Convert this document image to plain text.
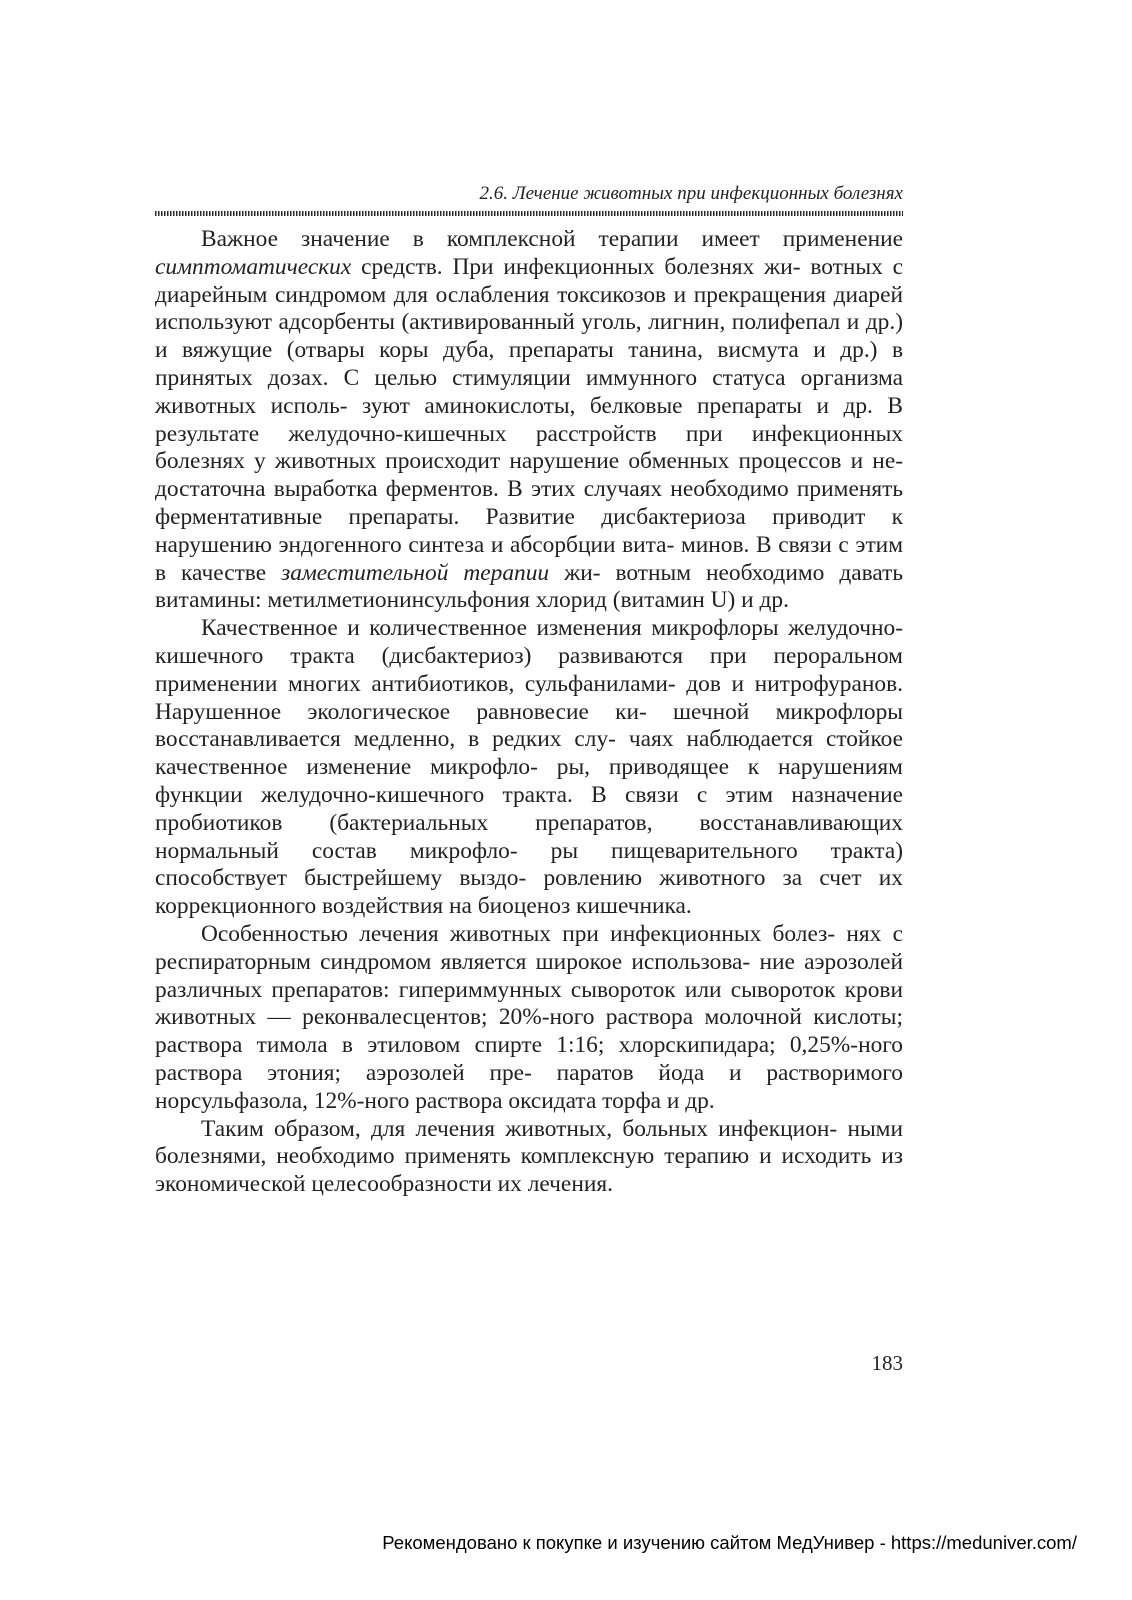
2.6. Лечение животных при инфекционных болезнях

Важное значение в комплексной терапии имеет применение симптоматических средств. При инфекционных болезнях жи- вотных с диарейным синдромом для ослабления токсикозов и прекращения диарей используют адсорбенты (активированный уголь, лигнин, полифепал и др.) и вяжущие (отвары коры дуба, препараты танина, висмута и др.) в принятых дозах. С целью стимуляции иммунного статуса организма животных исполь- зуют аминокислоты, белковые препараты и др. В результате желудочно-кишечных расстройств при инфекционных болезнях у животных происходит нарушение обменных процессов и не- достаточна выработка ферментов. В этих случаях необходимо применять ферментативные препараты. Развитие дисбактериоза приводит к нарушению эндогенного синтеза и абсорбции вита- минов. В связи с этим в качестве заместительной терапии жи- вотным необходимо давать витамины: метилметионинсульфония хлорид (витамин U) и др.

Качественное и количественное изменения микрофлоры желудочно-кишечного тракта (дисбактериоз) развиваются при пероральном применении многих антибиотиков, сульфанилами- дов и нитрофуранов. Нарушенное экологическое равновесие ки- шечной микрофлоры восстанавливается медленно, в редких слу- чаях наблюдается стойкое качественное изменение микрофло- ры, приводящее к нарушениям функции желудочно-кишечного тракта. В связи с этим назначение пробиотиков (бактериальных препаратов, восстанавливающих нормальный состав микрофло- ры пищеварительного тракта) способствует быстрейшему выздо- ровлению животного за счет их коррекционного воздействия на биоценоз кишечника.

Особенностью лечения животных при инфекционных болез- нях с респираторным синдромом является широкое использова- ние аэрозолей различных препаратов: гипериммунных сывороток или сывороток крови животных — реконвалесцентов; 20%-ного раствора молочной кислоты; раствора тимола в этиловом спирте 1:16; хлорскипидара; 0,25%-ного раствора этония; аэрозолей пре- паратов йода и растворимого норсульфазола, 12%-ного раствора оксидата торфа и др.

Таким образом, для лечения животных, больных инфекцион- ными болезнями, необходимо применять комплексную терапию и исходить из экономической целесообразности их лечения.

183
Рекомендовано к покупке и изучению сайтом МедУнивер - https://meduniver.com/
